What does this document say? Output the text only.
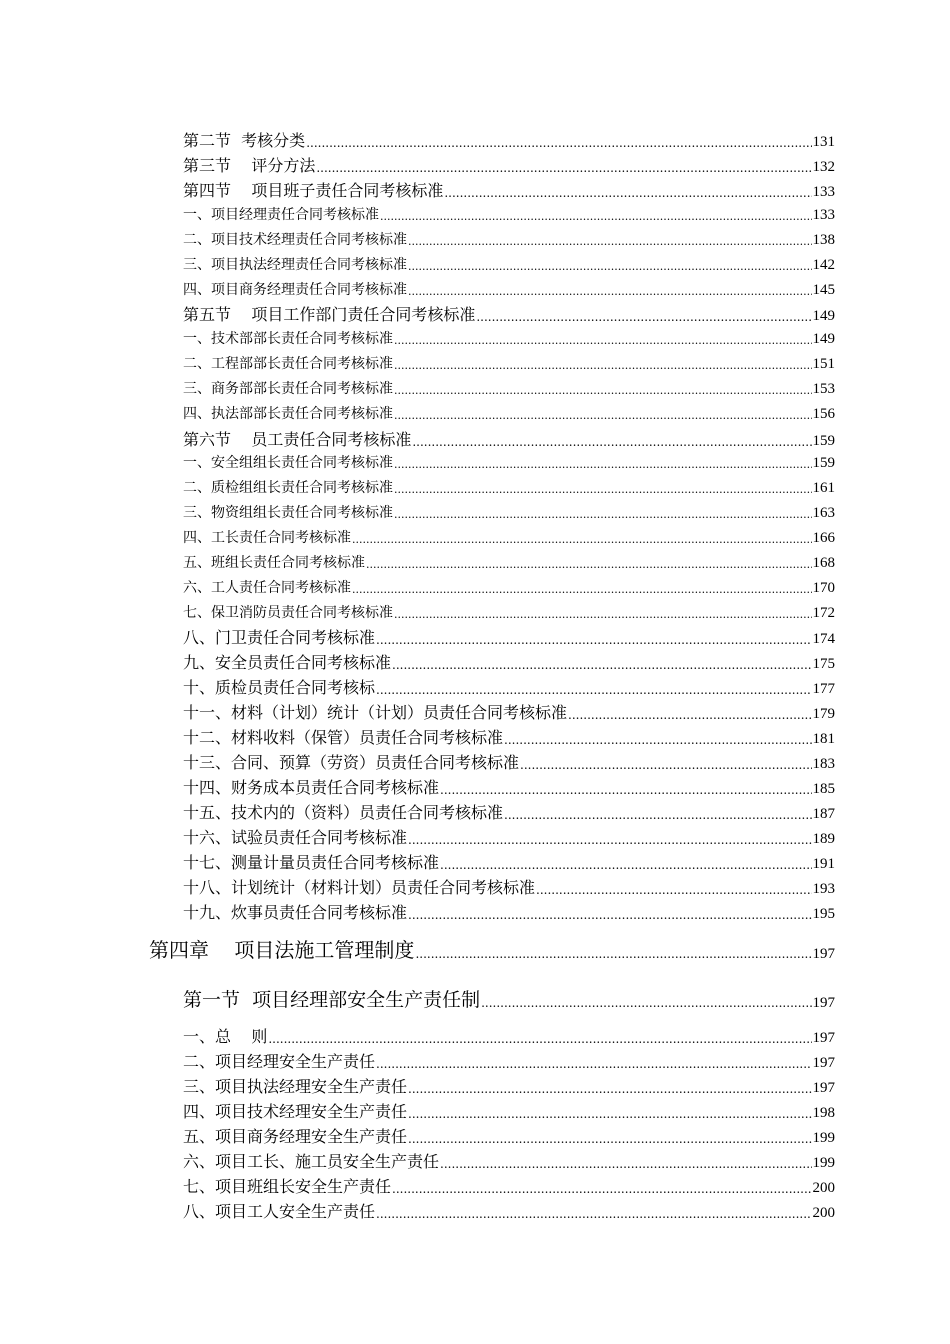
第二节  考核分类 .....	131
第三节    评分方法 .....	132
第四节    项目班子责任合同考核标准 .....	133
一、项目经理责任合同考核标准 .....	133
二、项目技术经理责任合同考核标准 .....	138
三、项目执法经理责任合同考核标准 .....	142
四、项目商务经理责任合同考核标准 .....	145
第五节    项目工作部门责任合同考核标准 .....	149
一、技术部部长责任合同考核标准 .....	149
二、工程部部长责任合同考核标准 .....	151
三、商务部部长责任合同考核标准 .....	153
四、执法部部长责任合同考核标准 .....	156
第六节    员工责任合同考核标准 .....	159
一、安全组组长责任合同考核标准 .....	159
二、质检组组长责任合同考核标准 .....	161
三、物资组组长责任合同考核标准 .....	163
四、工长责任合同考核标准 .....	166
五、班组长责任合同考核标准 .....	168
六、工人责任合同考核标准 .....	170
七、保卫消防员责任合同考核标准 .....	172
八、门卫责任合同考核标准 .....	174
九、安全员责任合同考核标准 .....	175
十、质检员责任合同考核标 .....	177
十一、材料（计划）统计（计划）员责任合同考核标准 .....	179
十二、材料收料（保管）员责任合同考核标准 .....	181
十三、合同、预算（劳资）员责任合同考核标准 .....	183
十四、财务成本员责任合同考核标准 .....	185
十五、技术内的（资料）员责任合同考核标准 .....	187
十六、试验员责任合同考核标准 .....	189
十七、测量计量员责任合同考核标准 .....	191
十八、计划统计（材料计划）员责任合同考核标准 .....	193
十九、炊事员责任合同考核标准 .....	195
第四章    项目法施工管理制度 .....	197
第一节  项目经理部安全生产责任制 .....	197
一、总    则 .....	197
二、项目经理安全生产责任 .....	197
三、项目执法经理安全生产责任 .....	197
四、项目技术经理安全生产责任 .....	198
五、项目商务经理安全生产责任 .....	199
六、项目工长、施工员安全生产责任 .....	199
七、项目班组长安全生产责任 .....	200
八、项目工人安全生产责任 .....	200
